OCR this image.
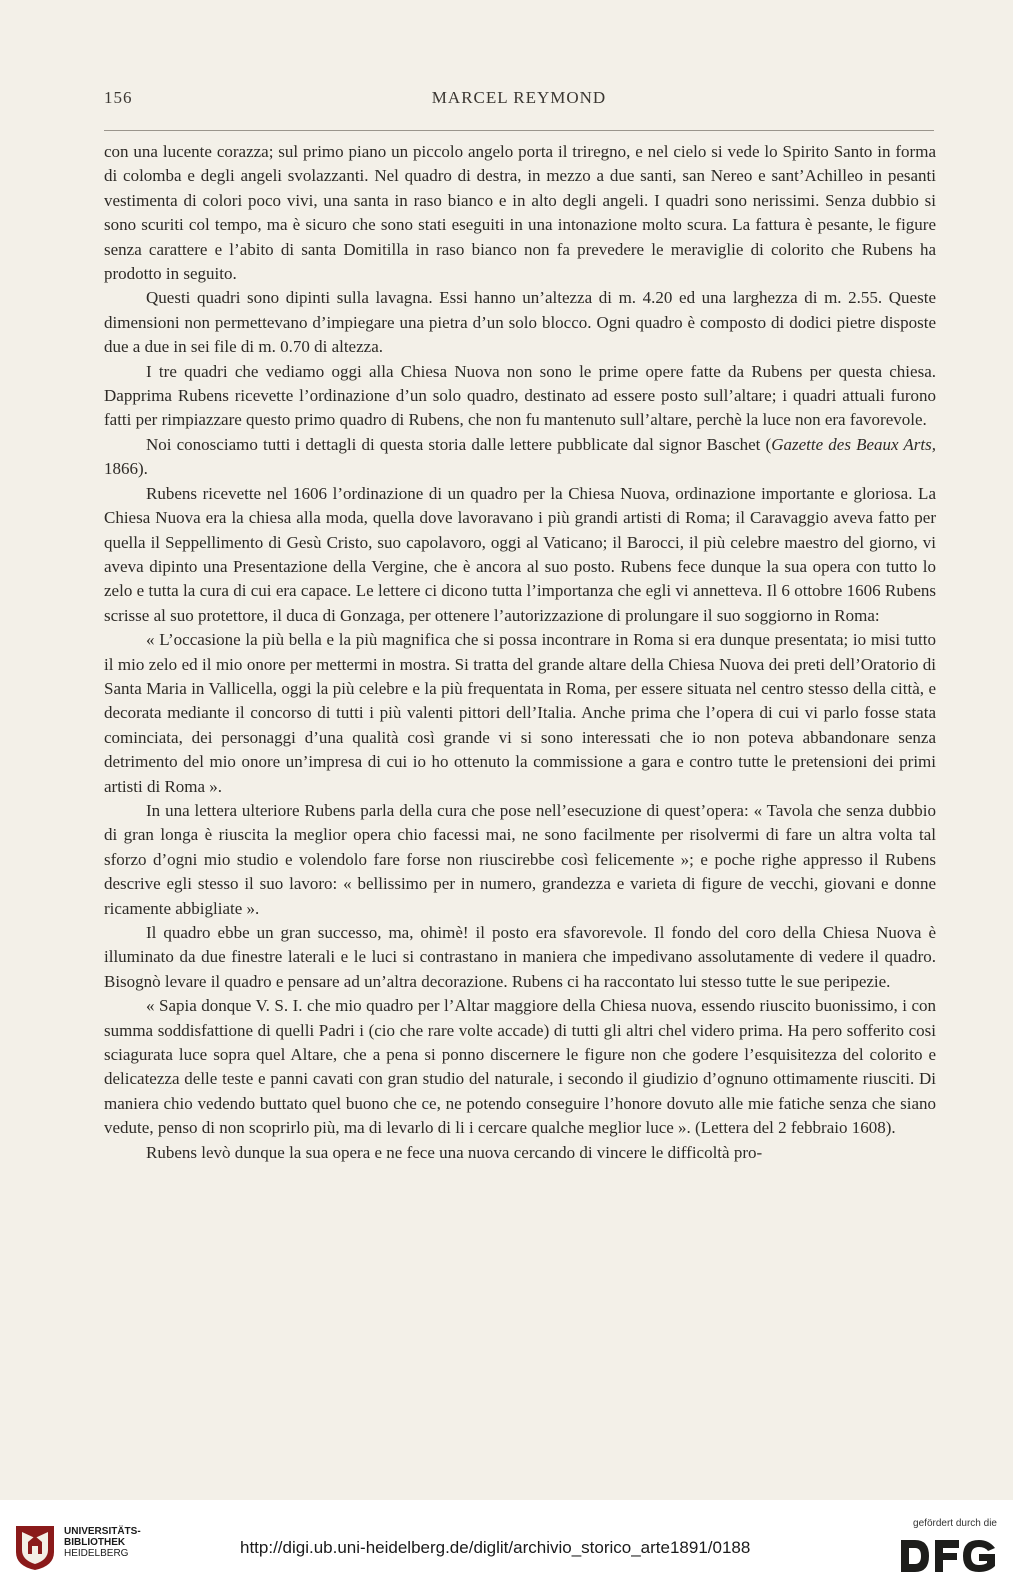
156	MARCEL REYMOND

con una lucente corazza; sul primo piano un piccolo angelo porta il triregno, e nel cielo si vede lo Spirito Santo in forma di colomba e degli angeli svolazzanti. Nel quadro di destra, in mezzo a due santi, san Nereo e sant’Achilleo in pesanti vestimenta di colori poco vivi, una santa in raso bianco e in alto degli angeli. I quadri sono nerissimi. Senza dubbio si sono scuriti col tempo, ma è sicuro che sono stati eseguiti in una intonazione molto scura. La fattura è pesante, le figure senza carattere e l’abito di santa Domitilla in raso bianco non fa prevedere le meraviglie di colorito che Rubens ha prodotto in seguito.

Questi quadri sono dipinti sulla lavagna. Essi hanno un’altezza di m. 4.20 ed una larghezza di m. 2.55. Queste dimensioni non permettevano d’impiegare una pietra d’un solo blocco. Ogni quadro è composto di dodici pietre disposte due a due in sei file di m. 0.70 di altezza.

I tre quadri che vediamo oggi alla Chiesa Nuova non sono le prime opere fatte da Rubens per questa chiesa. Dapprima Rubens ricevette l’ordinazione d’un solo quadro, destinato ad essere posto sull’altare; i quadri attuali furono fatti per rimpiazzare questo primo quadro di Rubens, che non fu mantenuto sull’altare, perchè la luce non era favorevole.

Noi conosciamo tutti i dettagli di questa storia dalle lettere pubblicate dal signor Baschet (Gazette des Beaux Arts, 1866).

Rubens ricevette nel 1606 l’ordinazione di un quadro per la Chiesa Nuova, ordinazione importante e gloriosa. La Chiesa Nuova era la chiesa alla moda, quella dove lavoravano i più grandi artisti di Roma; il Caravaggio aveva fatto per quella il Seppellimento di Gesù Cristo, suo capolavoro, oggi al Vaticano; il Barocci, il più celebre maestro del giorno, vi aveva dipinto una Presentazione della Vergine, che è ancora al suo posto. Rubens fece dunque la sua opera con tutto lo zelo e tutta la cura di cui era capace. Le lettere ci dicono tutta l’importanza che egli vi annetteva. Il 6 ottobre 1606 Rubens scrisse al suo protettore, il duca di Gonzaga, per ottenere l’autorizzazione di prolungare il suo soggiorno in Roma:

« L’occasione la più bella e la più magnifica che si possa incontrare in Roma si era dunque presentata; io misi tutto il mio zelo ed il mio onore per mettermi in mostra. Si tratta del grande altare della Chiesa Nuova dei preti dell’Oratorio di Santa Maria in Vallicella, oggi la più celebre e la più frequentata in Roma, per essere situata nel centro stesso della città, e decorata mediante il concorso di tutti i più valenti pittori dell’Italia. Anche prima che l’opera di cui vi parlo fosse stata cominciata, dei personaggi d’una qualità così grande vi si sono interessati che io non poteva abbandonare senza detrimento del mio onore un’impresa di cui io ho ottenuto la commissione a gara e contro tutte le pretensioni dei primi artisti di Roma ».

In una lettera ulteriore Rubens parla della cura che pose nell’esecuzione di quest’opera: « Tavola che senza dubbio di gran longa è riuscita la meglior opera chio facessi mai, ne sono facilmente per risolvermi di fare un altra volta tal sforzo d’ogni mio studio e volendolo fare forse non riuscirebbe così felicemente »; e poche righe appresso il Rubens descrive egli stesso il suo lavoro: « bellissimo per in numero, grandezza e varieta di figure de vecchi, giovani e donne ricamente abbigliate ».

Il quadro ebbe un gran successo, ma, ohimè! il posto era sfavorevole. Il fondo del coro della Chiesa Nuova è illuminato da due finestre laterali e le luci si contrastano in maniera che impedivano assolutamente di vedere il quadro. Bisognò levare il quadro e pensare ad un’altra decorazione. Rubens ci ha raccontato lui stesso tutte le sue peripezie.

« Sapia donque V. S. I. che mio quadro per l’Altar maggiore della Chiesa nuova, essendo riuscito buonissimo, i con summa soddisfattione di quelli Padri i (cio che rare volte accade) di tutti gli altri chel videro prima. Ha pero sofferito cosi sciagurata luce sopra quel Altare, che a pena si ponno discernere le figure non che godere l’esquisitezza del colorito e delicatezza delle teste e panni cavati con gran studio del naturale, i secondo il giudizio d’ognuno ottimamente riusciti. Di maniera chio vedendo buttato quel buono che ce, ne potendo conseguire l’honore dovuto alle mie fatiche senza che siano vedute, penso di non scoprirlo più, ma di levarlo di li i cercare qualche meglior luce ». (Lettera del 2 febbraio 1608).

Rubens levò dunque la sua opera e ne fece una nuova cercando di vincere le difficoltà pro-

UNIVERSITÄTS-
BIBLIOTHEK
HEIDELBERG	http://digi.ub.uni-heidelberg.de/diglit/archivio_storico_arte1891/0188
gefördert durch die
